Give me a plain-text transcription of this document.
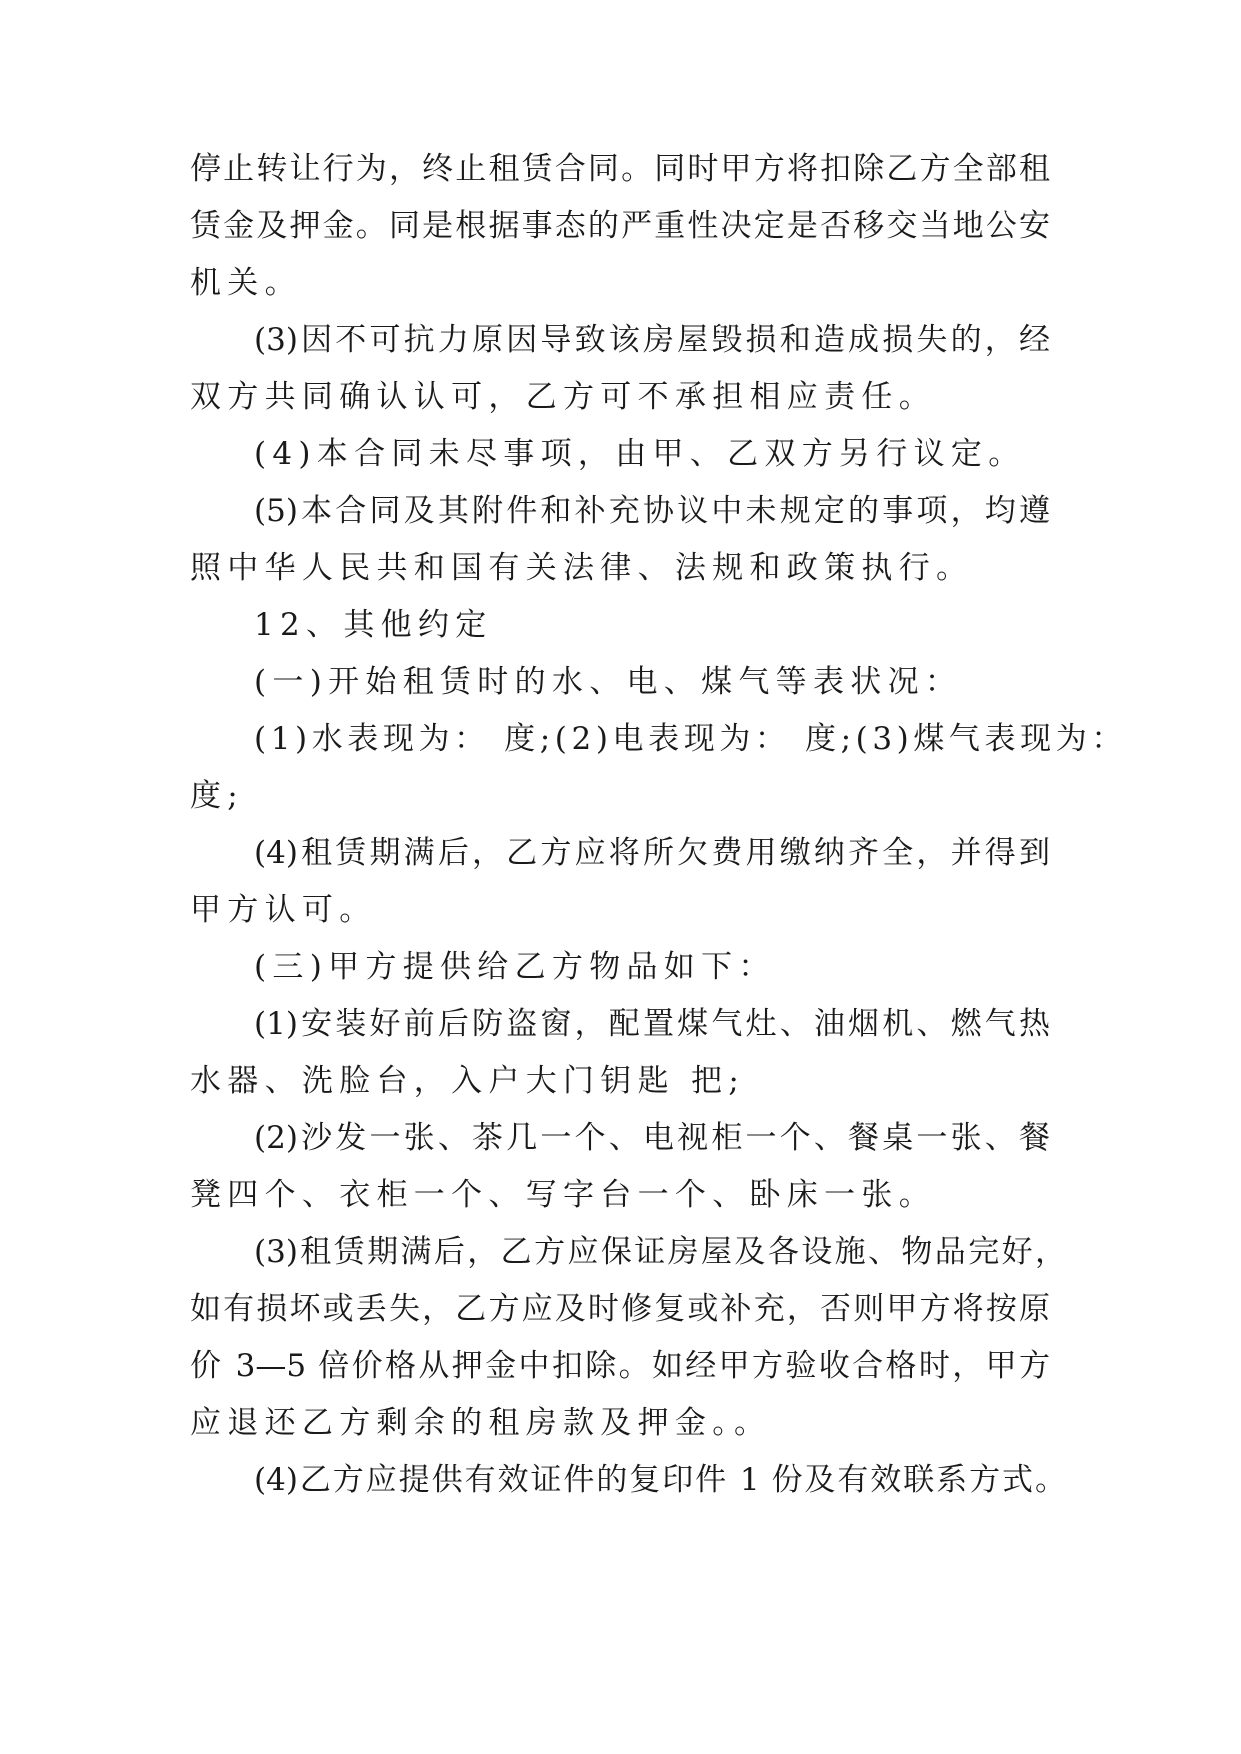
停止转让行为，终止租赁合同。同时甲方将扣除乙方全部租
赁金及押金。同是根据事态的严重性决定是否移交当地公安
机关。
(3)因不可抗力原因导致该房屋毁损和造成损失的，经
双方共同确认认可，乙方可不承担相应责任。
(4)本合同未尽事项，由甲、乙双方另行议定。
(5)本合同及其附件和补充协议中未规定的事项，均遵
照中华人民共和国有关法律、法规和政策执行。
12、其他约定
(一)开始租赁时的水、电、煤气等表状况：
(1)水表现为： 度;(2)电表现为： 度;(3)煤气表现为：
度;
(4)租赁期满后，乙方应将所欠费用缴纳齐全，并得到
甲方认可。
(三)甲方提供给乙方物品如下：
(1)安装好前后防盗窗，配置煤气灶、油烟机、燃气热
水器、洗脸台，入户大门钥匙 把;
(2)沙发一张、茶几一个、电视柜一个、餐桌一张、餐
凳四个、衣柜一个、写字台一个、卧床一张。
(3)租赁期满后，乙方应保证房屋及各设施、物品完好，
如有损坏或丢失，乙方应及时修复或补充，否则甲方将按原
价 3—5 倍价格从押金中扣除。如经甲方验收合格时，甲方
应退还乙方剩余的租房款及押金。。
(4)乙方应提供有效证件的复印件 1 份及有效联系方式。
